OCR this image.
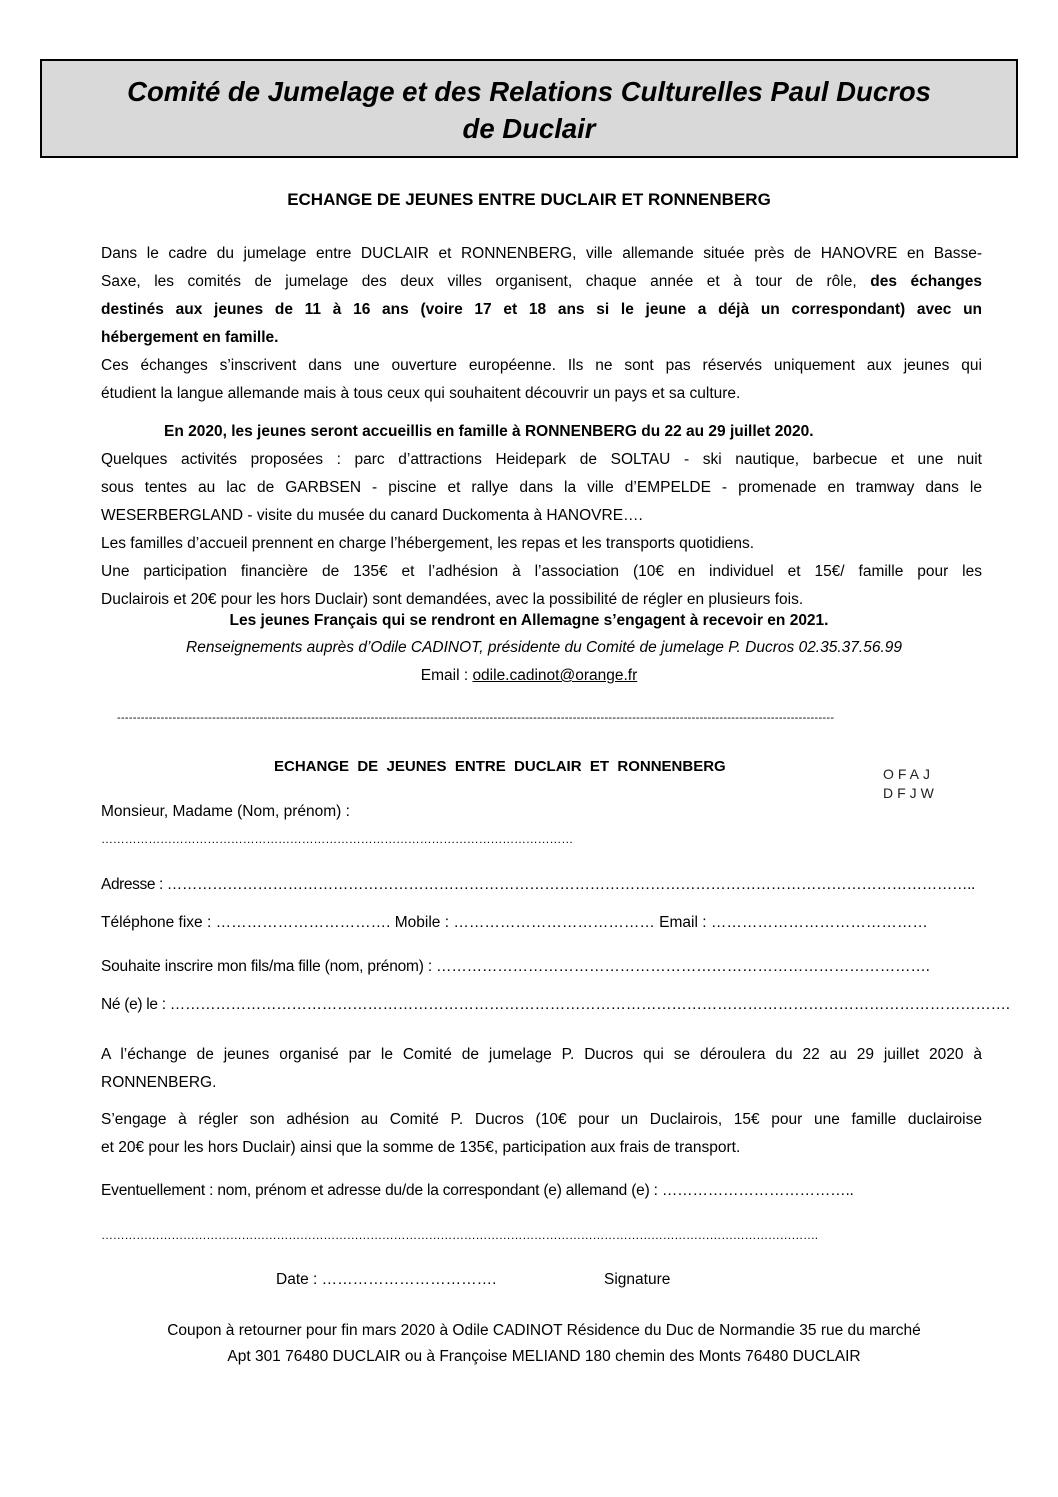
Comité de Jumelage et des Relations Culturelles Paul Ducros
de Duclair
ECHANGE DE JEUNES ENTRE DUCLAIR ET RONNENBERG
Dans le cadre du jumelage entre DUCLAIR et RONNENBERG, ville allemande située près de HANOVRE en Basse-
Saxe, les comités de jumelage des deux villes organisent, chaque année et à tour de rôle, des échanges
destinés aux jeunes de 11 à 16 ans (voire 17 et 18 ans si le jeune a déjà un correspondant) avec un
hébergement en famille.
Ces échanges s’inscrivent dans une ouverture européenne. Ils ne sont pas réservés uniquement aux jeunes qui
étudient la langue allemande mais à tous ceux qui souhaitent découvrir un pays et sa culture.
En 2020, les jeunes seront accueillis en famille à RONNENBERG du 22 au 29 juillet 2020.
Quelques activités proposées : parc d’attractions Heidepark de SOLTAU - ski nautique, barbecue et une nuit
sous tentes au lac de GARBSEN - piscine et rallye dans la ville d’EMPELDE - promenade en tramway dans le
WESERBERGLAND - visite du musée du canard Duckomenta à HANOVRE….
Les familles d’accueil prennent en charge l’hébergement, les repas et les transports quotidiens.
Une participation financière de 135€ et l’adhésion à l’association (10€ en individuel et 15€/ famille pour les
Duclairois et 20€ pour les hors Duclair) sont demandées, avec la possibilité de régler en plusieurs fois.
Les jeunes Français qui se rendront en Allemagne s’engagent à recevoir en 2021.
Renseignements auprès d’Odile CADINOT, présidente du Comité de jumelage P. Ducros 02.35.37.56.99
Email : odile.cadinot@orange.fr
-------------------------------------------------------------------------------------------------------------------------------------------------------------------------------------
ECHANGE  DE  JEUNES  ENTRE  DUCLAIR  ET  RONNENBERG	OFAJ
DFJW
Monsieur, Madame (Nom, prénom) :
…………………………………………………………………………………………………………
Adresse : ……………………………………………………………………………………………………………………………………………..
Téléphone fixe : ……………………………. Mobile : ………………………………… Email : ……………………………………
Souhaite inscrire mon fils/ma fille (nom, prénom) : …………………………………………………………………………………….
Né (e) le : ………………………………………………………………………………………………………………………………………………….
A l’échange de jeunes organisé par le Comité de jumelage P. Ducros qui se déroulera du 22 au 29 juillet 2020 à
RONNENBERG.
S’engage à régler son adhésion au Comité P. Ducros (10€ pour un Duclairois, 15€ pour une famille duclairoise
et 20€ pour les hors Duclair) ainsi que la somme de 135€, participation aux frais de transport.
Eventuellement : nom, prénom et adresse du/de la correspondant (e) allemand (e) : ………………………………..
………………………………………………………………………………………………………………………………………………………………….
Date : …………………………….	Signature
Coupon à retourner pour fin mars 2020 à Odile CADINOT Résidence du Duc de Normandie 35 rue du marché
Apt 301 76480 DUCLAIR ou à Françoise MELIAND 180 chemin des Monts 76480 DUCLAIR
